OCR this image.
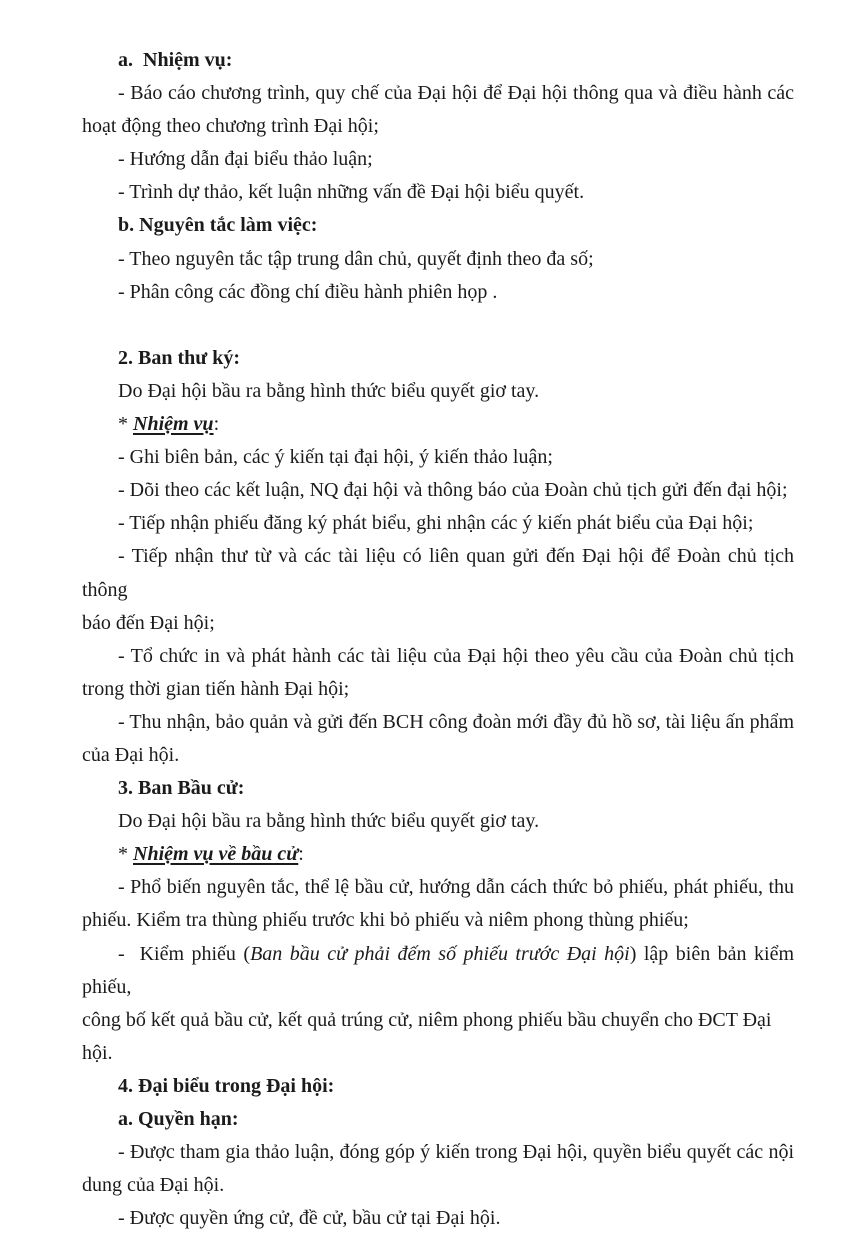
a.  Nhiệm vụ:
- Báo cáo chương trình, quy chế của Đại hội để Đại hội thông qua và điều hành các
hoạt động theo chương trình Đại hội;
- Hướng dẫn đại biểu thảo luận;
- Trình dự thảo, kết luận những vấn đề Đại hội biểu quyết.
b. Nguyên tắc làm việc:
- Theo nguyên tắc tập trung dân chủ, quyết định theo đa số;
- Phân công các đồng chí điều hành phiên họp .

2. Ban thư ký:
Do Đại hội bầu ra bằng hình thức biểu quyết giơ tay.
* Nhiệm vụ:
- Ghi biên bản, các ý kiến tại đại hội, ý kiến thảo luận;
- Dõi theo các kết luận, NQ đại hội và thông báo của Đoàn chủ tịch gửi đến đại hội;
- Tiếp nhận phiếu đăng ký phát biểu, ghi nhận các ý kiến phát biểu của Đại hội;
- Tiếp nhận thư từ và các tài liệu có liên quan gửi đến Đại hội để Đoàn chủ tịch thông
báo đến Đại hội;
- Tổ chức in và phát hành các tài liệu của Đại hội theo yêu cầu của Đoàn chủ tịch
trong thời gian tiến hành Đại hội;
- Thu nhận, bảo quản và gửi đến BCH công đoàn mới đầy đủ hồ sơ, tài liệu ấn phẩm
của Đại hội.
3. Ban Bầu cử:
Do Đại hội bầu ra bằng hình thức biểu quyết giơ tay.
* Nhiệm vụ về bầu cử:
- Phổ biến nguyên tắc, thể lệ bầu cử, hướng dẫn cách thức bỏ phiếu, phát phiếu, thu
phiếu. Kiểm tra thùng phiếu trước khi bỏ phiếu và niêm phong thùng phiếu;
-  Kiểm phiếu (Ban bầu cử phải đếm số phiếu trước Đại hội) lập biên bản kiểm phiếu,
công bố kết quả bầu cử, kết quả trúng cử, niêm phong phiếu bầu chuyển cho ĐCT Đại hội.
4. Đại biểu trong Đại hội:
a. Quyền hạn:
- Được tham gia thảo luận, đóng góp ý kiến trong Đại hội, quyền biểu quyết các nội
dung của Đại hội.
- Được quyền ứng cử, đề cử, bầu cử tại Đại hội.
